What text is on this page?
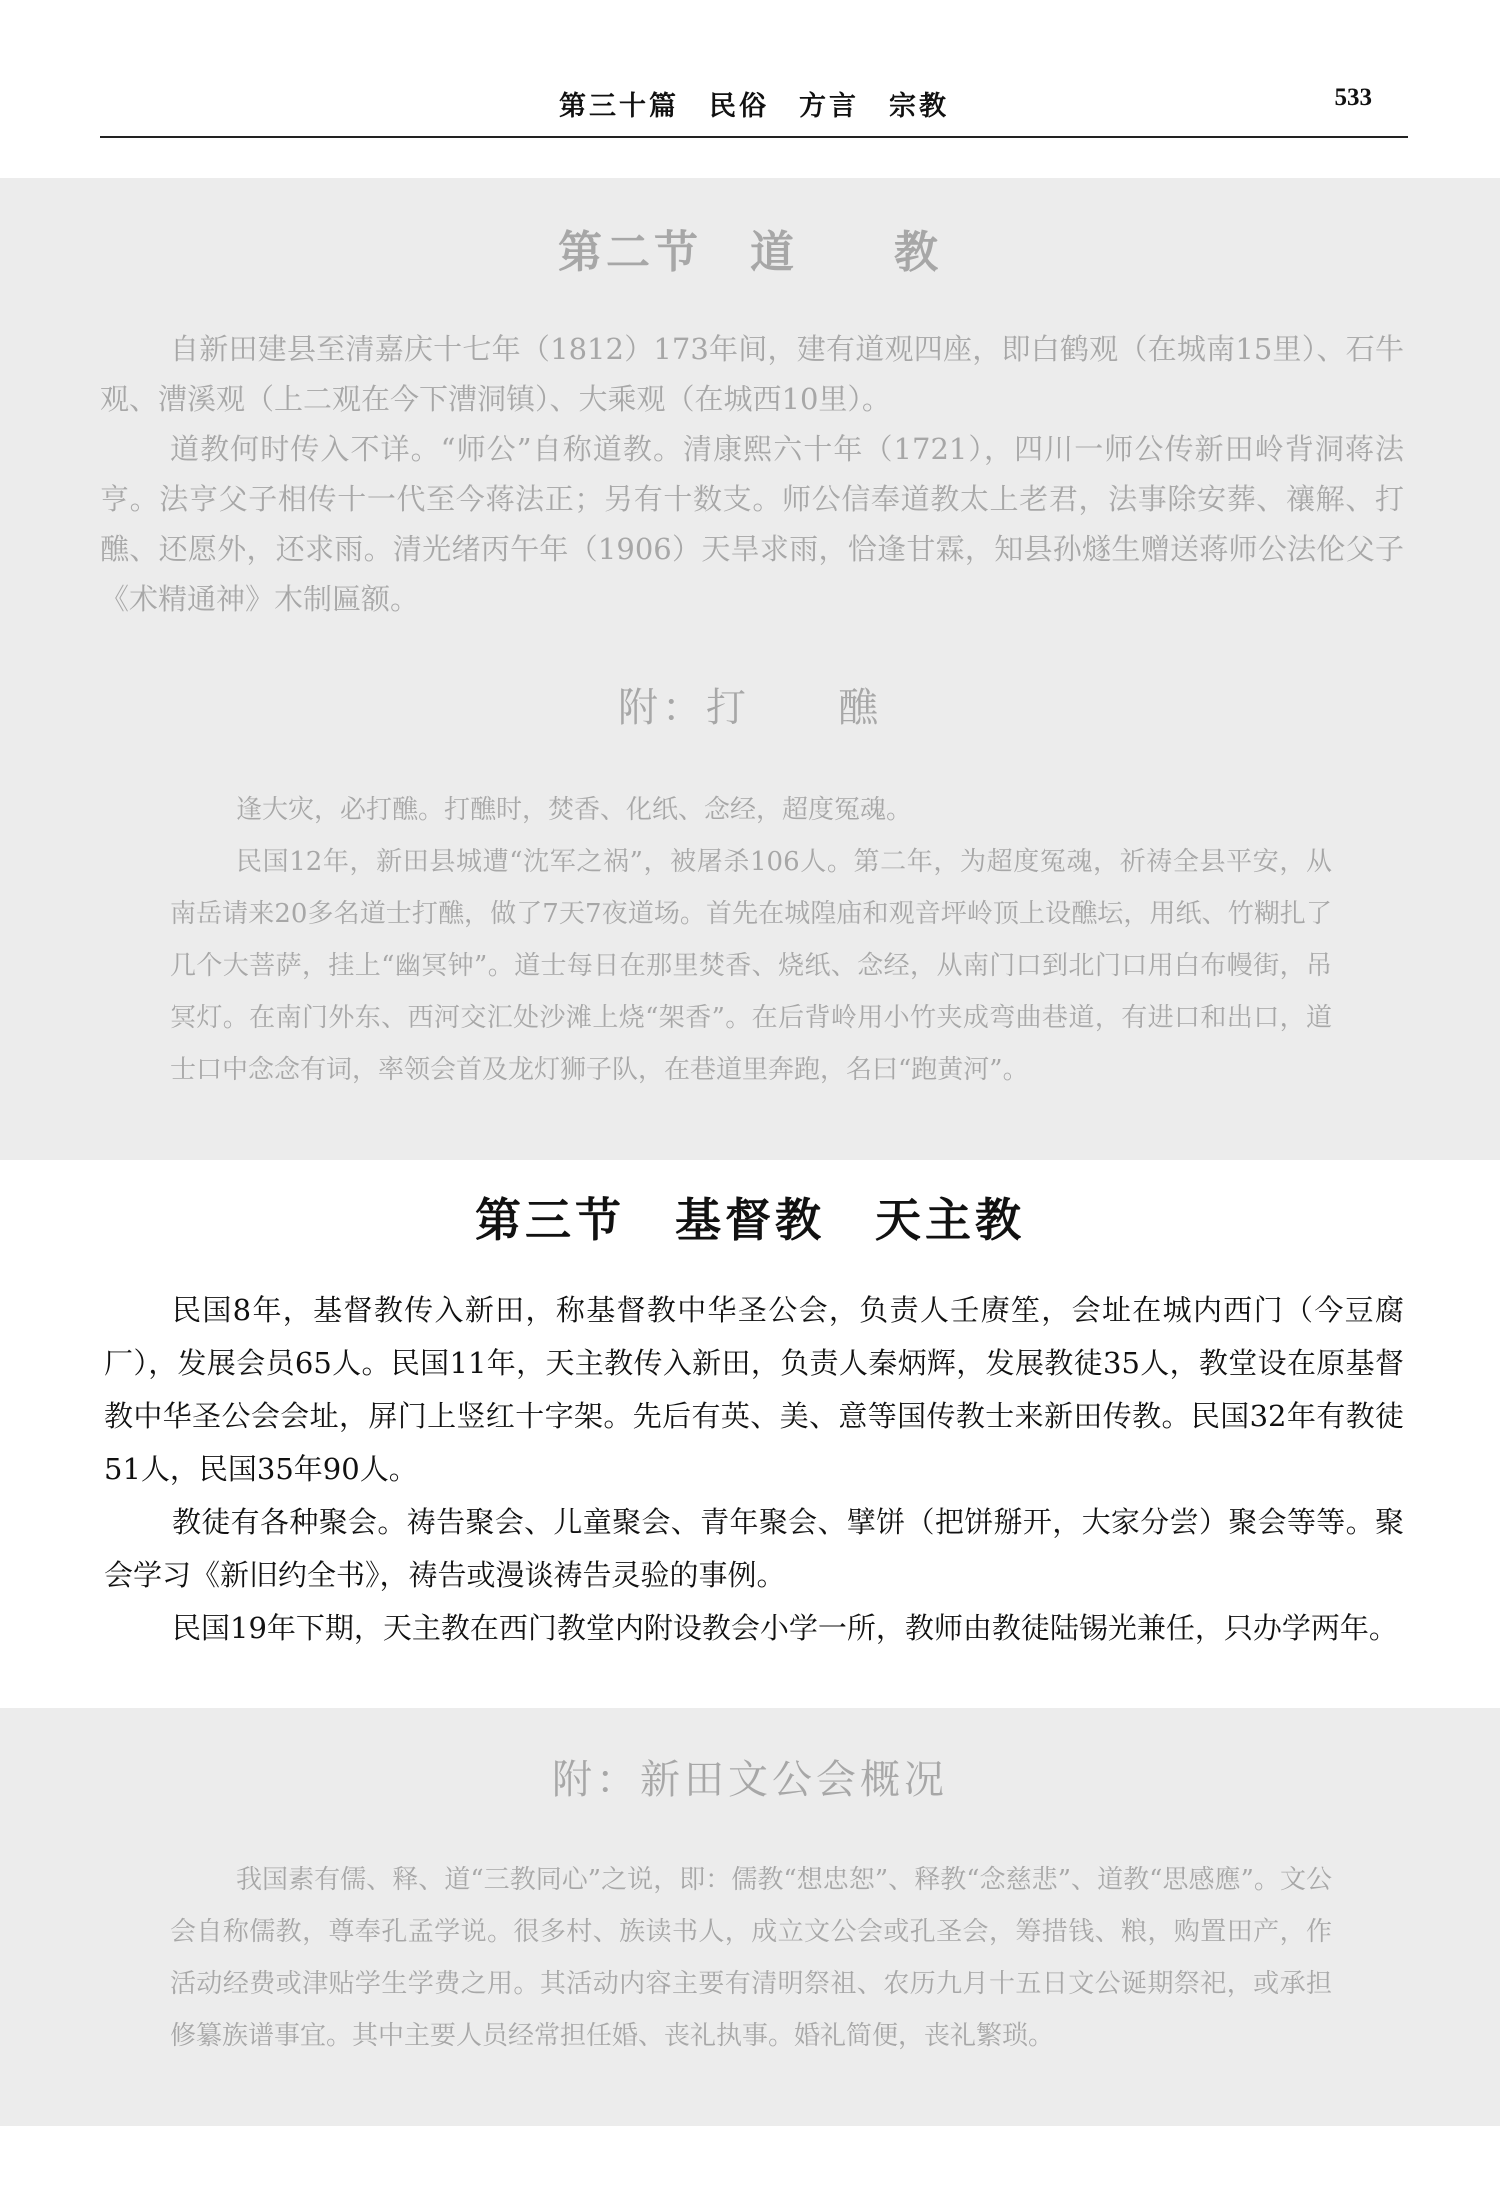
第三十篇　民俗　方言　宗教	533
第二节　道　　教

自新田建县至清嘉庆十七年（1812）173年间，建有道观四座，即白鹤观（在城南15里）、石牛观、漕溪观（上二观在今下漕洞镇）、大乘观（在城西10里）。

道教何时传入不详。“师公”自称道教。清康熙六十年（1721），四川一师公传新田岭背洞蒋法亨。法亨父子相传十一代至今蒋法正；另有十数支。师公信奉道教太上老君，法事除安葬、禳解、打醮、还愿外，还求雨。清光绪丙午年（1906）天旱求雨，恰逢甘霖，知县孙燧生赠送蒋师公法伦父子《术精通神》木制匾额。

附：打　　醮

逢大灾，必打醮。打醮时，焚香、化纸、念经，超度冤魂。

民国12年，新田县城遭“沈军之祸”，被屠杀106人。第二年，为超度冤魂，祈祷全县平安，从南岳请来20多名道士打醮，做了7天7夜道场。首先在城隍庙和观音坪岭顶上设醮坛，用纸、竹糊扎了几个大菩萨，挂上“幽冥钟”。道士每日在那里焚香、烧纸、念经，从南门口到北门口用白布幔街，吊冥灯。在南门外东、西河交汇处沙滩上烧“架香”。在后背岭用小竹夹成弯曲巷道，有进口和出口，道士口中念念有词，率领会首及龙灯狮子队，在巷道里奔跑，名曰“跑黄河”。

第三节　基督教　天主教

民国8年，基督教传入新田，称基督教中华圣公会，负责人壬赓笙，会址在城内西门（今豆腐厂），发展会员65人。民国11年，天主教传入新田，负责人秦炳辉，发展教徒35人，教堂设在原基督教中华圣公会会址，屏门上竖红十字架。先后有英、美、意等国传教士来新田传教。民国32年有教徒51人，民国35年90人。

教徒有各种聚会。祷告聚会、儿童聚会、青年聚会、擘饼（把饼掰开，大家分尝）聚会等等。聚会学习《新旧约全书》，祷告或漫谈祷告灵验的事例。

民国19年下期，天主教在西门教堂内附设教会小学一所，教师由教徒陆锡光兼任，只办学两年。

附：新田文公会概况

我国素有儒、释、道“三教同心”之说，即：儒教“想忠恕”、释教“念慈悲”、道教“思感應”。文公会自称儒教，尊奉孔孟学说。很多村、族读书人，成立文公会或孔圣会，筹措钱、粮，购置田产，作活动经费或津贴学生学费之用。其活动内容主要有清明祭祖、农历九月十五日文公诞期祭祀，或承担修纂族谱事宜。其中主要人员经常担任婚、丧礼执事。婚礼简便，丧礼繁琐。
